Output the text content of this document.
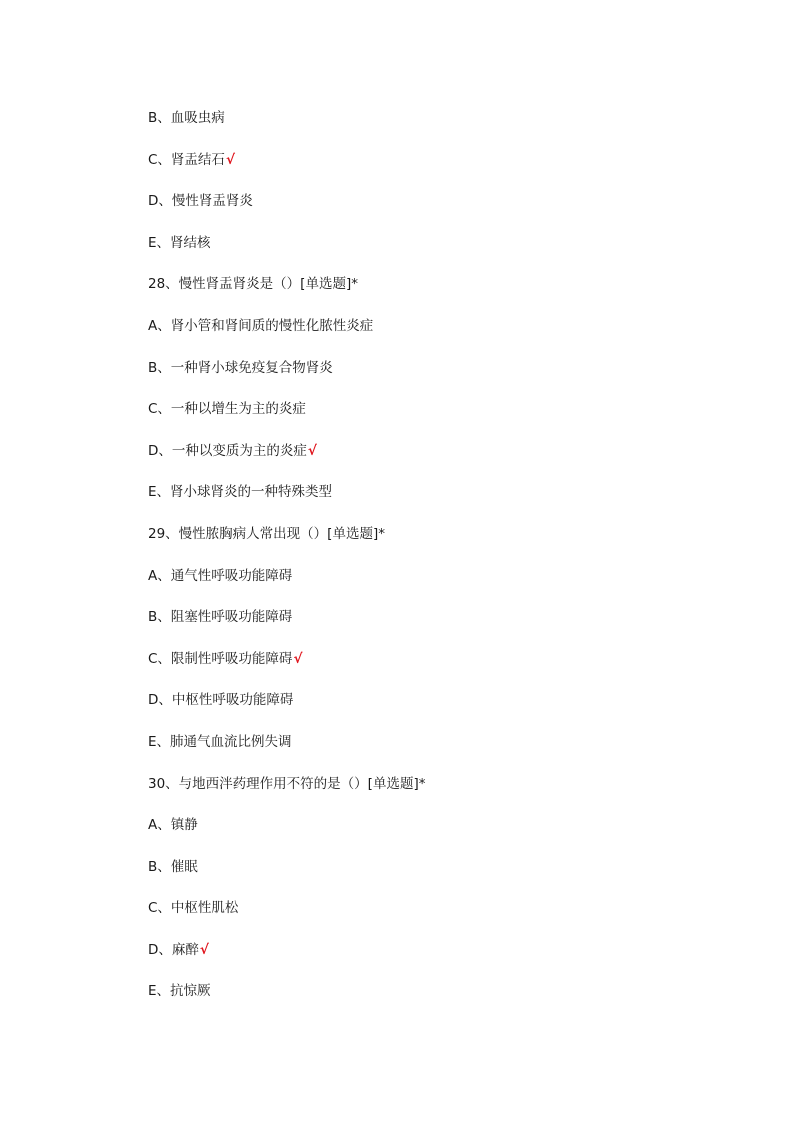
B、血吸虫病
C、肾盂结石√
D、慢性肾盂肾炎
E、肾结核
28、慢性肾盂肾炎是（）[单选题]*
A、肾小管和肾间质的慢性化脓性炎症
B、一种肾小球免疫复合物肾炎
C、一种以增生为主的炎症
D、一种以变质为主的炎症√
E、肾小球肾炎的一种特殊类型
29、慢性脓胸病人常出现（）[单选题]*
A、通气性呼吸功能障碍
B、阻塞性呼吸功能障碍
C、限制性呼吸功能障碍√
D、中枢性呼吸功能障碍
E、肺通气血流比例失调
30、与地西泮药理作用不符的是（）[单选题]*
A、镇静
B、催眠
C、中枢性肌松
D、麻醉√
E、抗惊厥
